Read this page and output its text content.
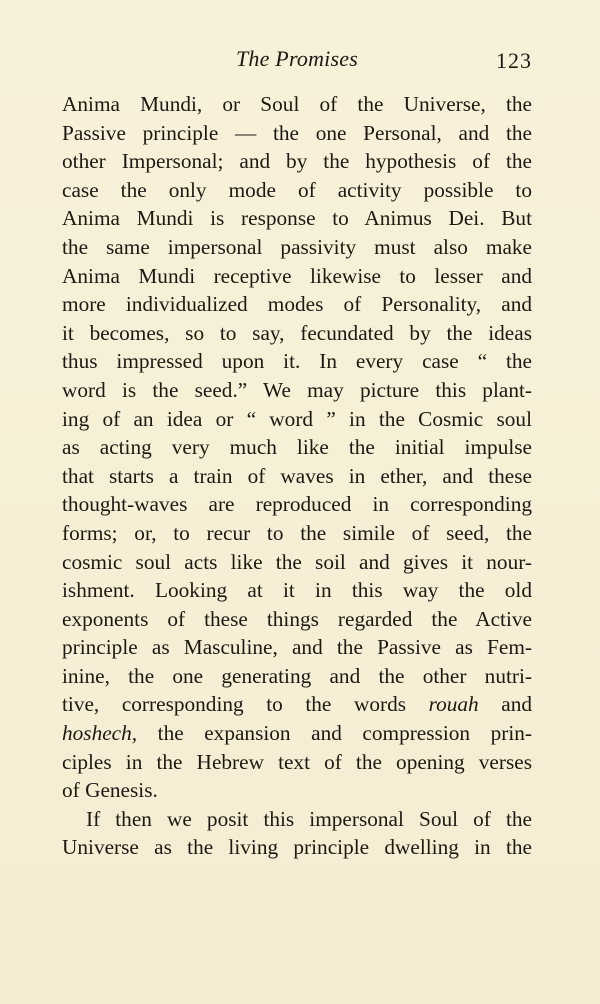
The Promises	123
Anima Mundi, or Soul of the Universe, the
Passive principle — the one Personal, and the
other Impersonal; and by the hypothesis of the
case the only mode of activity possible to
Anima Mundi is response to Animus Dei. But
the same impersonal passivity must also make
Anima Mundi receptive likewise to lesser and
more individualized modes of Personality, and
it becomes, so to say, fecundated by the ideas
thus impressed upon it. In every case “ the
word is the seed.” We may picture this plant-
ing of an idea or “ word ” in the Cosmic soul
as acting very much like the initial impulse
that starts a train of waves in ether, and these
thought-waves are reproduced in corresponding
forms; or, to recur to the simile of seed, the
cosmic soul acts like the soil and gives it nour-
ishment. Looking at it in this way the old
exponents of these things regarded the Active
principle as Masculine, and the Passive as Fem-
inine, the one generating and the other nutri-
tive, corresponding to the words rouah and
hoshech, the expansion and compression prin-
ciples in the Hebrew text of the opening verses
of Genesis.
If then we posit this impersonal Soul of the
Universe as the living principle dwelling in the
